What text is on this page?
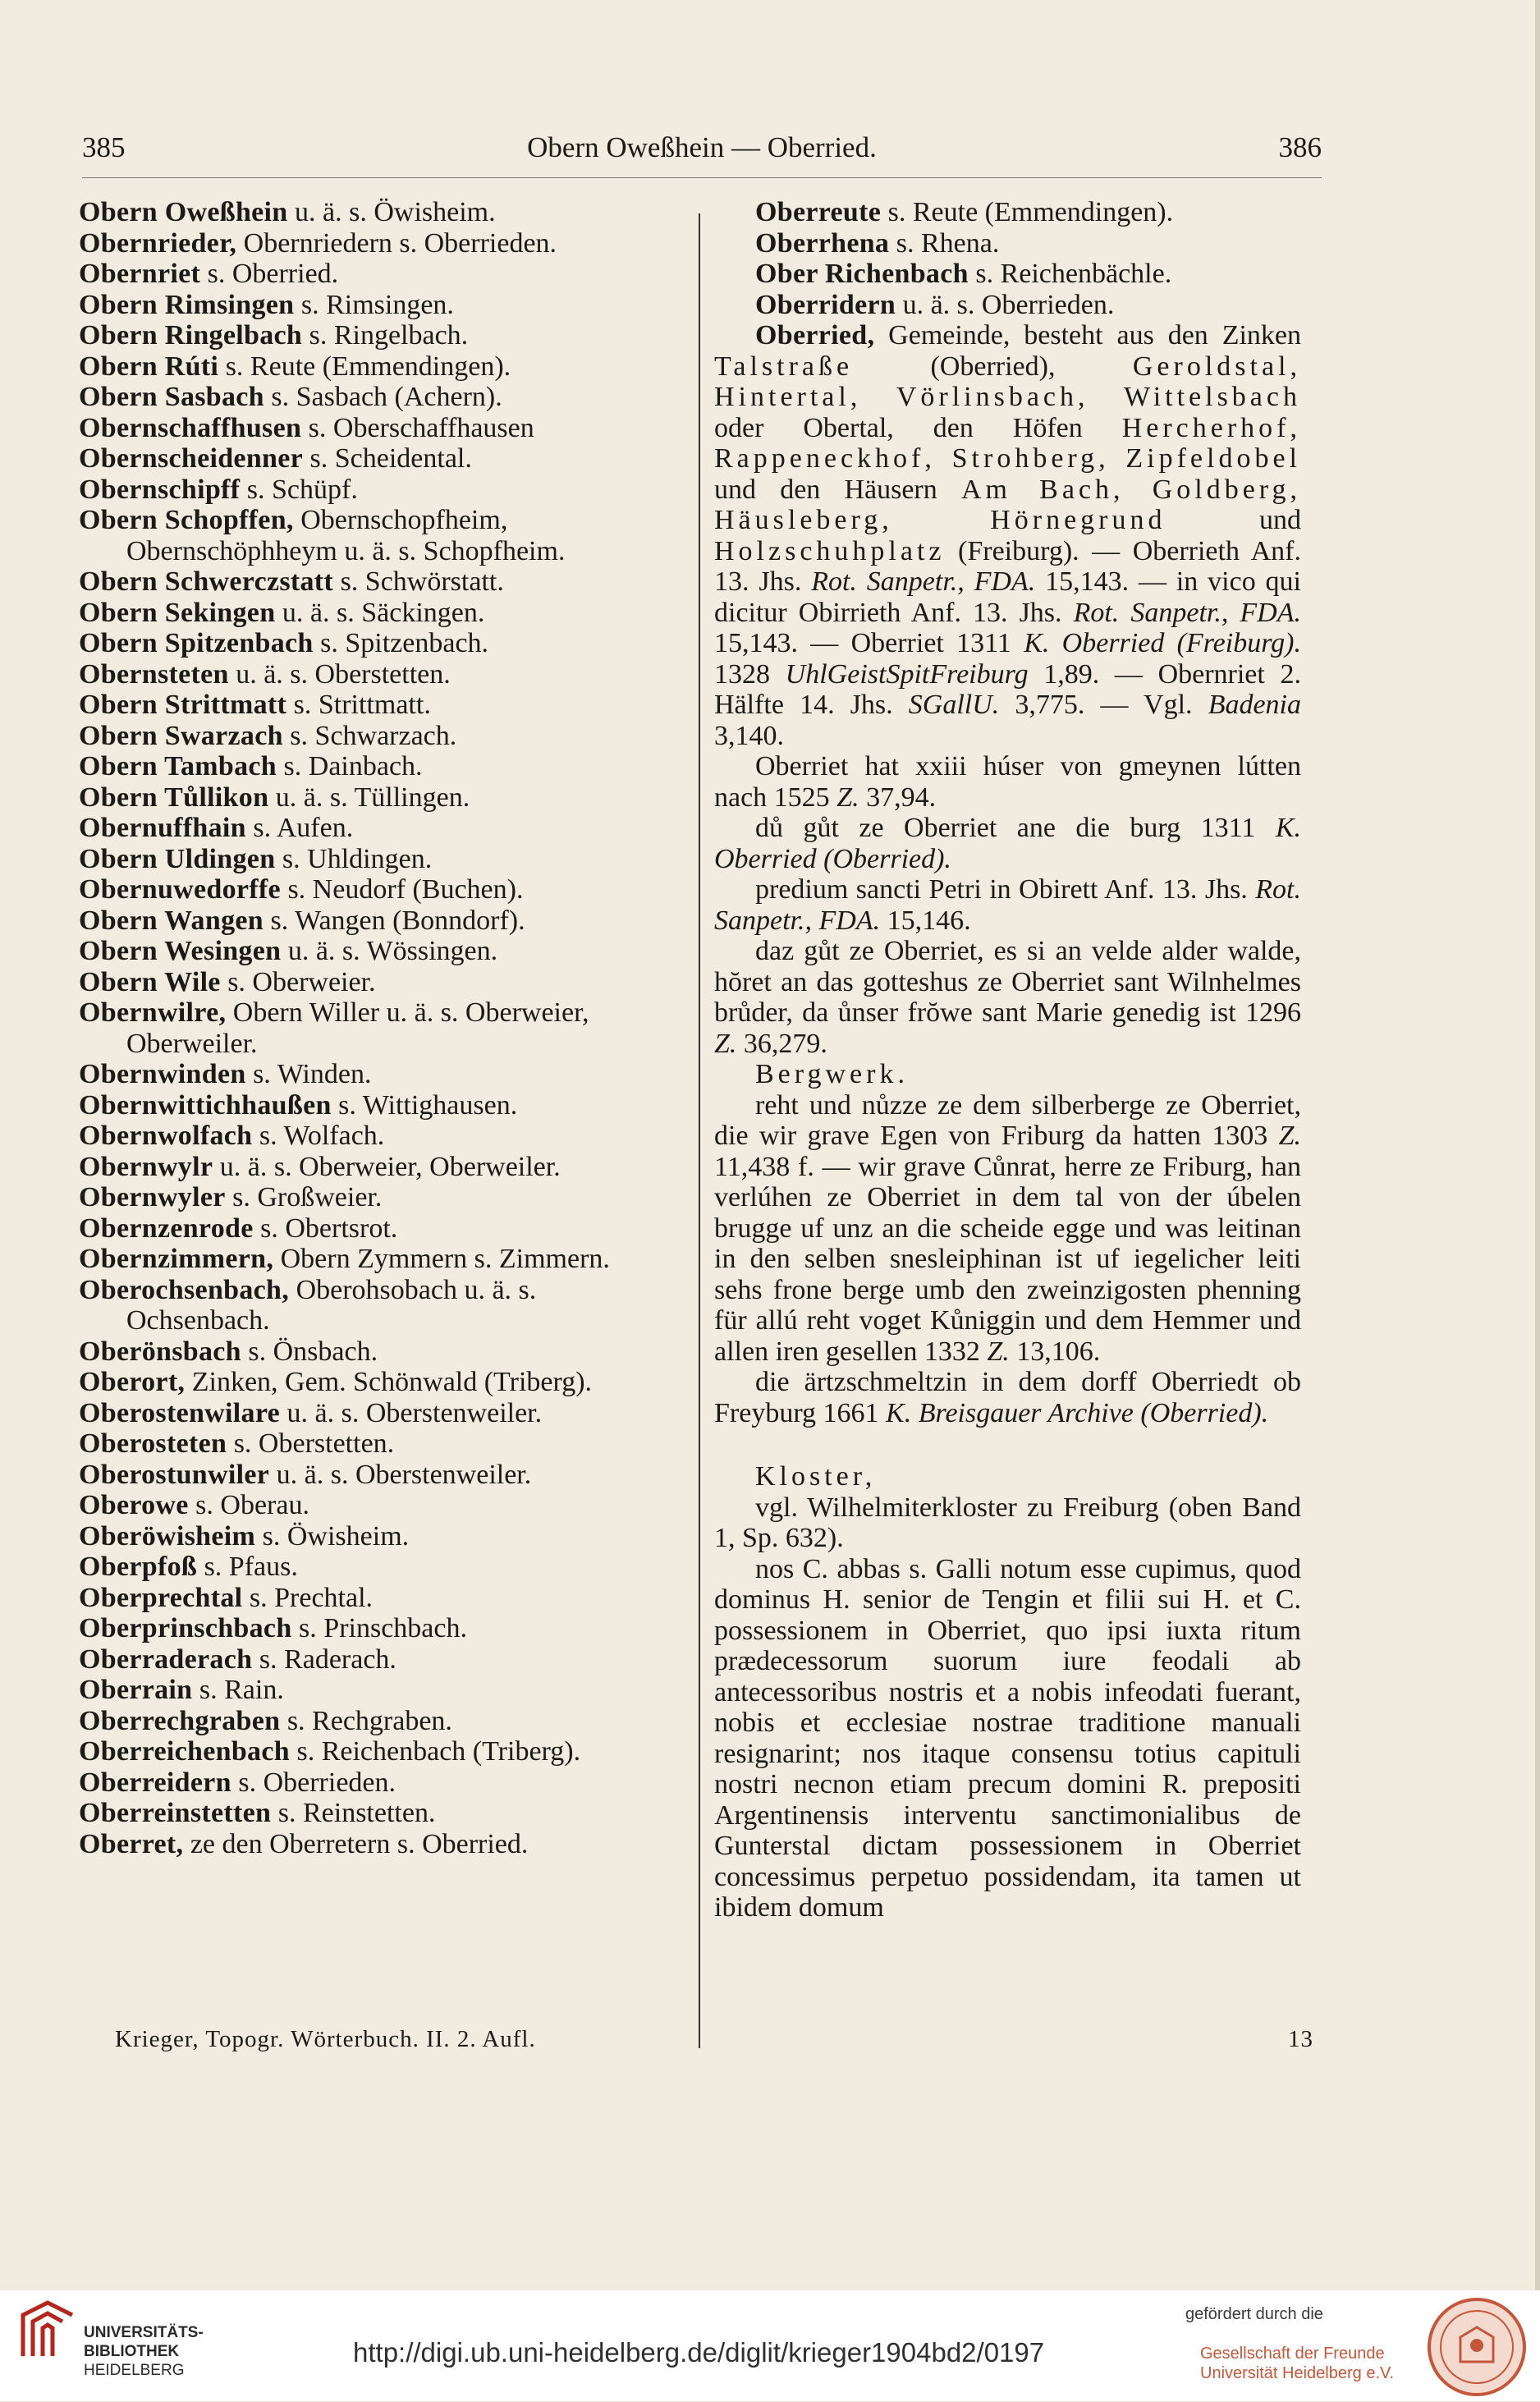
385	Obern Oweßhein — Oberried.	386

Obern Oweßhein u. ä. s. Öwisheim.

Obernrieder, Obernriedern s. Oberrieden.

Obernriet s. Oberried.

Obern Rimsingen s. Rimsingen.

Obern Ringelbach s. Ringelbach.

Obern Rúti s. Reute (Emmendingen).

Obern Sasbach s. Sasbach (Achern).

Obernschaffhusen s. Oberschaffhausen

Obernscheidenner s. Scheidental.

Obernschipff s. Schüpf.

Obern Schopffen, Obernschopfheim, Obernschöphheym u. ä. s. Schopfheim.

Obern Schwerczstatt s. Schwörstatt.

Obern Sekingen u. ä. s. Säckingen.

Obern Spitzenbach s. Spitzenbach.

Obernsteten u. ä. s. Oberstetten.

Obern Strittmatt s. Strittmatt.

Obern Swarzach s. Schwarzach.

Obern Tambach s. Dainbach.

Obern Tůllikon u. ä. s. Tüllingen.

Obernuffhain s. Aufen.

Obern Uldingen s. Uhldingen.

Obernuwedorffe s. Neudorf (Buchen).

Obern Wangen s. Wangen (Bonndorf).

Obern Wesingen u. ä. s. Wössingen.

Obern Wile s. Oberweier.

Obernwilre, Obern Willer u. ä. s. Oberweier, Oberweiler.

Obernwinden s. Winden.

Obernwittichhaußen s. Wittighausen.

Obernwolfach s. Wolfach.

Obernwylr u. ä. s. Oberweier, Oberweiler.

Obernwyler s. Großweier.

Obernzenrode s. Obertsrot.

Obernzimmern, Obern Zymmern s. Zimmern.

Oberochsenbach, Oberohsobach u. ä. s. Ochsenbach.

Oberönsbach s. Önsbach.

Oberort, Zinken, Gem. Schönwald (Triberg).

Oberostenwilare u. ä. s. Oberstenweiler.

Oberosteten s. Oberstetten.

Oberostunwiler u. ä. s. Oberstenweiler.

Oberowe s. Oberau.

Oberöwisheim s. Öwisheim.

Oberpfoß s. Pfaus.

Oberprechtal s. Prechtal.

Oberprinschbach s. Prinschbach.

Oberraderach s. Raderach.

Oberrain s. Rain.

Oberrechgraben s. Rechgraben.

Oberreichenbach s. Reichenbach (Triberg).

Oberreidern s. Oberrieden.

Oberreinstetten s. Reinstetten.

Oberret, ze den Oberretern s. Oberried.

Oberreute s. Reute (Emmendingen).

Oberrhena s. Rhena.

Ober Richenbach s. Reichenbächle.

Oberridern u. ä. s. Oberrieden.

Oberried, Gemeinde, besteht aus den Zinken Talstraße (Oberried), Geroldstal, Hintertal, Vörlinsbach, Wittelsbach oder Obertal, den Höfen Hercherhof, Rappeneckhof, Strohberg, Zipfeldobel und den Häusern Am Bach, Goldberg, Häusleberg, Hörnegrund und Holzschuhplatz (Freiburg). — Oberrieth Anf. 13. Jhs. Rot. Sanpetr., FDA. 15,143. — in vico qui dicitur Obirrieth Anf. 13. Jhs. Rot. Sanpetr., FDA. 15,143. — Oberriet 1311 K. Oberried (Freiburg). 1328 UhlGeistSpitFreiburg 1,89. — Obernriet 2. Hälfte 14. Jhs. SGallU. 3,775. — Vgl. Badenia 3,140.

Oberriet hat xxiii húser von gmeynen lútten nach 1525 Z. 37,94.

dů gůt ze Oberriet ane die burg 1311 K. Oberried (Oberried).

predium sancti Petri in Obirett Anf. 13. Jhs. Rot. Sanpetr., FDA. 15,146.

daz gůt ze Oberriet, es si an velde alder walde, hŏret an das gotteshus ze Oberriet sant Wilnhelmes brůder, da ůnser frŏwe sant Marie genedig ist 1296 Z. 36,279.

Bergwerk.

reht und nůzze ze dem silberberge ze Oberriet, die wir grave Egen von Friburg da hatten 1303 Z. 11,438 f. — wir grave Cůnrat, herre ze Friburg, han verlúhen ze Oberriet in dem tal von der úbelen brugge uf unz an die scheide egge und was leitinan in den selben snesleiphinan ist uf iegelicher leiti sehs frone berge umb den zweinzigosten phenning für allú reht voget Kůniggin und dem Hemmer und allen iren gesellen 1332 Z. 13,106.

die ärtzschmeltzin in dem dorff Oberriedt ob Freyburg 1661 K. Breisgauer Archive (Oberried).

Kloster,

vgl. Wilhelmiterkloster zu Freiburg (oben Band 1, Sp. 632).

nos C. abbas s. Galli notum esse cupimus, quod dominus H. senior de Tengin et filii sui H. et C. possessionem in Oberriet, quo ipsi iuxta ritum prædecessorum suorum iure feodali ab antecessoribus nostris et a nobis infeodati fuerant, nobis et ecclesiae nostrae traditione manuali resignarint; nos itaque consensu totius capituli nostri necnon etiam precum domini R. prepositi Argentinensis interventu sanctimonialibus de Gunterstal dictam possessionem in Oberriet concessimus perpetuo possidendam, ita tamen ut ibidem domum

Krieger, Topogr. Wörterbuch. II. 2. Aufl.	13
UNIVERSITÄTS-
BIBLIOTHEK
HEIDELBERG
http://digi.ub.uni-heidelberg.de/diglit/krieger1904bd2/0197
gefördert durch die
Gesellschaft der Freunde
Universität Heidelberg e.V.
